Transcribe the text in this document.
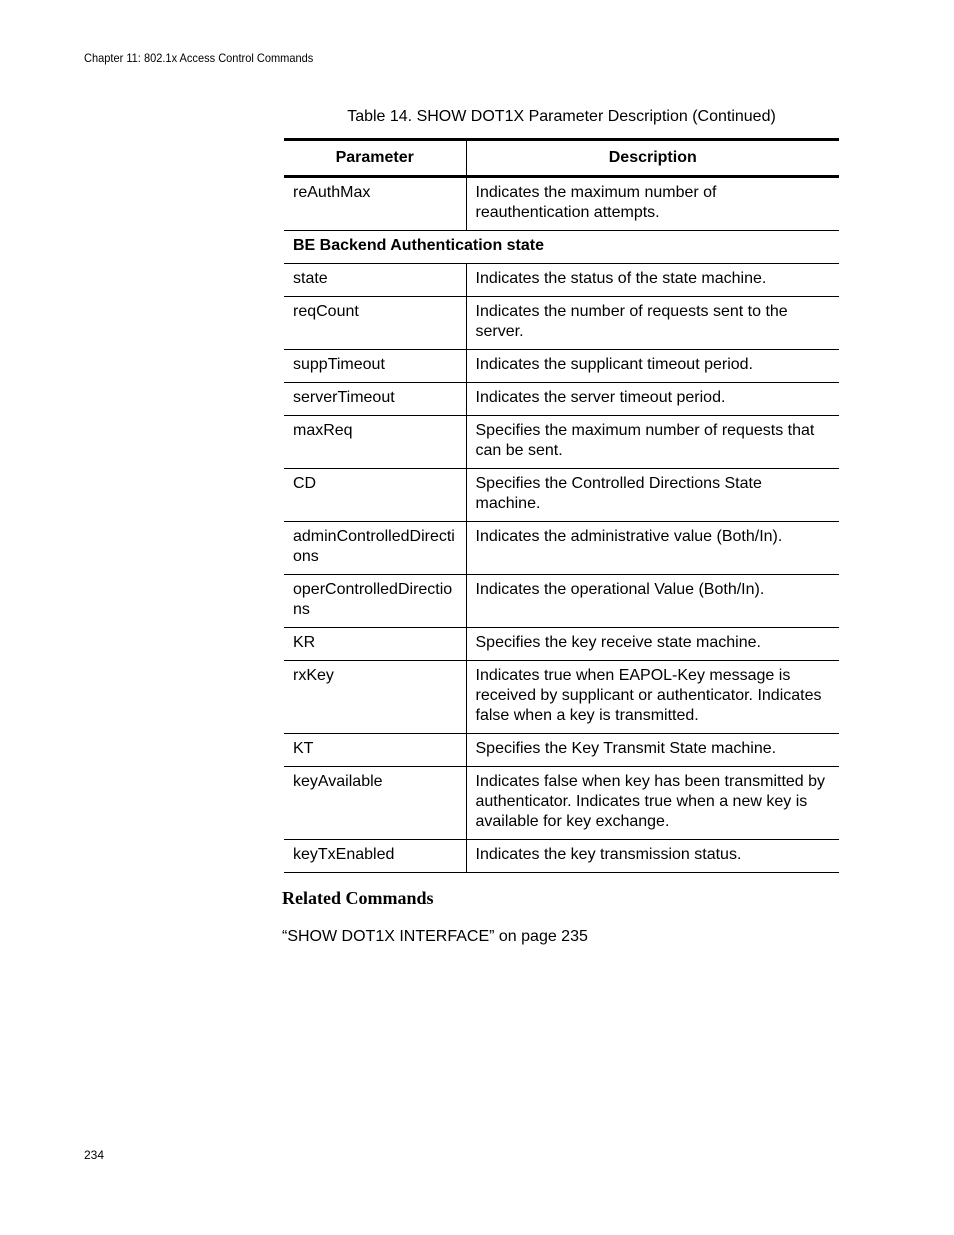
Chapter 11: 802.1x Access Control Commands
Table 14. SHOW DOT1X Parameter Description (Continued)
Parameter	Description
reAuthMax	Indicates the maximum number of reauthentication attempts.
BE Backend Authentication state	
state	Indicates the status of the state machine.
reqCount	Indicates the number of requests sent to the server.
suppTimeout	Indicates the supplicant timeout period.
serverTimeout	Indicates the server timeout period.
maxReq	Specifies the maximum number of requests that can be sent.
CD	Specifies the Controlled Directions State machine.
adminControlledDirections	Indicates the administrative value (Both/In).
operControlledDirections	Indicates the operational Value (Both/In).
KR	Specifies the key receive state machine.
rxKey	Indicates true when EAPOL-Key message is received by supplicant or authenticator. Indicates false when a key is transmitted.
KT	Specifies the Key Transmit State machine.
keyAvailable	Indicates false when key has been transmitted by authenticator. Indicates true when a new key is available for key exchange.
keyTxEnabled	Indicates the key transmission status.
Related Commands
“SHOW DOT1X INTERFACE” on page 235
234
